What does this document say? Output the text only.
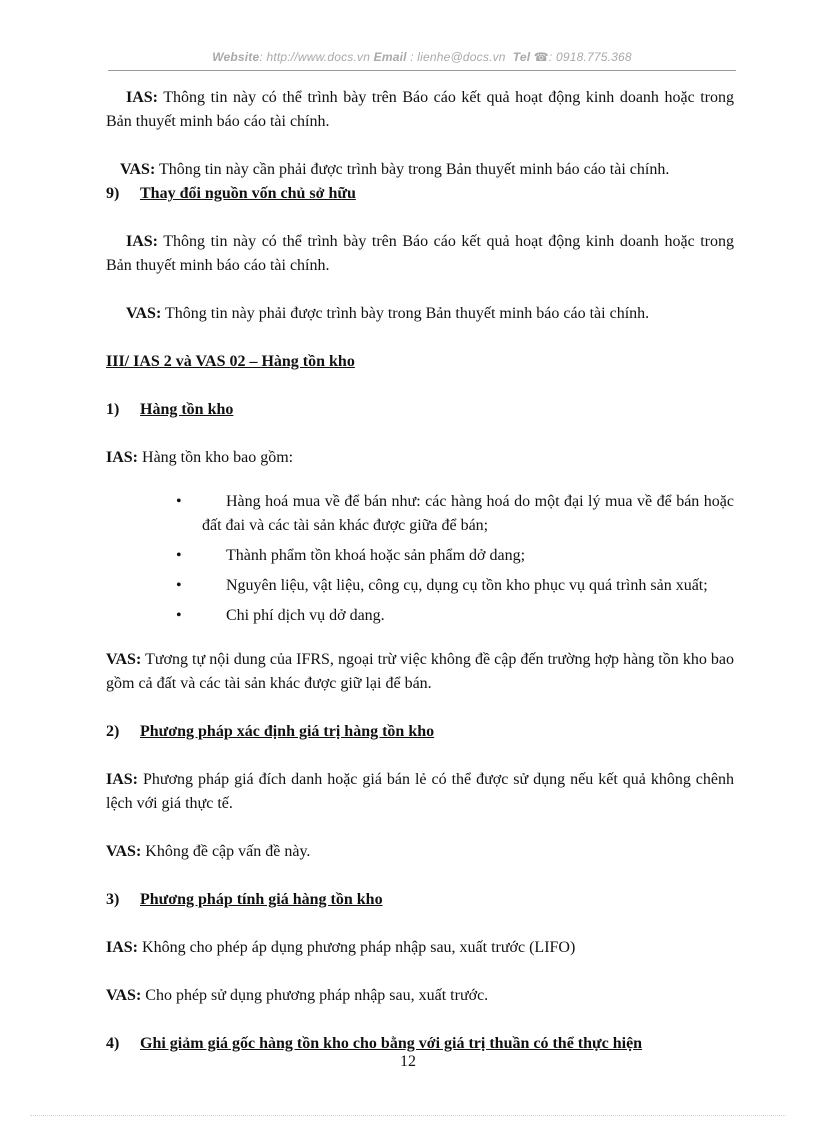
Website: http://www.docs.vn Email : lienhe@docs.vn Tel ☎: 0918.775.368

IAS: Thông tin này có thể trình bày trên Báo cáo kết quả hoạt động kinh doanh hoặc trong Bản thuyết minh báo cáo tài chính.

VAS: Thông tin này cần phải được trình bày trong Bản thuyết minh báo cáo tài chính.

9)	Thay đổi nguồn vốn chủ sở hữu

IAS: Thông tin này có thể trình bày trên Báo cáo kết quả hoạt động kinh doanh hoặc trong Bản thuyết minh báo cáo tài chính.

VAS: Thông tin này phải được trình bày trong Bản thuyết minh báo cáo tài chính.

III/ IAS 2 và VAS 02 – Hàng tồn kho

1)	Hàng tồn kho

IAS: Hàng tồn kho bao gồm:

•	Hàng hoá mua về để bán như: các hàng hoá do một đại lý mua về để bán hoặc đất đai và các tài sản khác được giữa để bán;
•	Thành phẩm tồn khoá hoặc sản phẩm dở dang;
•	Nguyên liệu, vật liệu, công cụ, dụng cụ tồn kho phục vụ quá trình sản xuất;
•	Chi phí dịch vụ dở dang.

VAS: Tương tự nội dung của IFRS, ngoại trừ việc không đề cập đến trường hợp hàng tồn kho bao gồm cả đất và các tài sản khác được giữ lại để bán.

2)	Phương pháp xác định giá trị hàng tồn kho

IAS: Phương pháp giá đích danh hoặc giá bán lẻ có thể được sử dụng nếu kết quả không chênh lệch với giá thực tế.

VAS: Không đề cập vấn đề này.

3)	Phương pháp tính giá hàng tồn kho

IAS: Không cho phép áp dụng phương pháp nhập sau, xuất trước (LIFO)

VAS: Cho phép sử dụng phương pháp nhập sau, xuất trước.

4)	Ghi giảm giá gốc hàng tồn kho cho bằng với giá trị thuần có thể thực hiện
12
